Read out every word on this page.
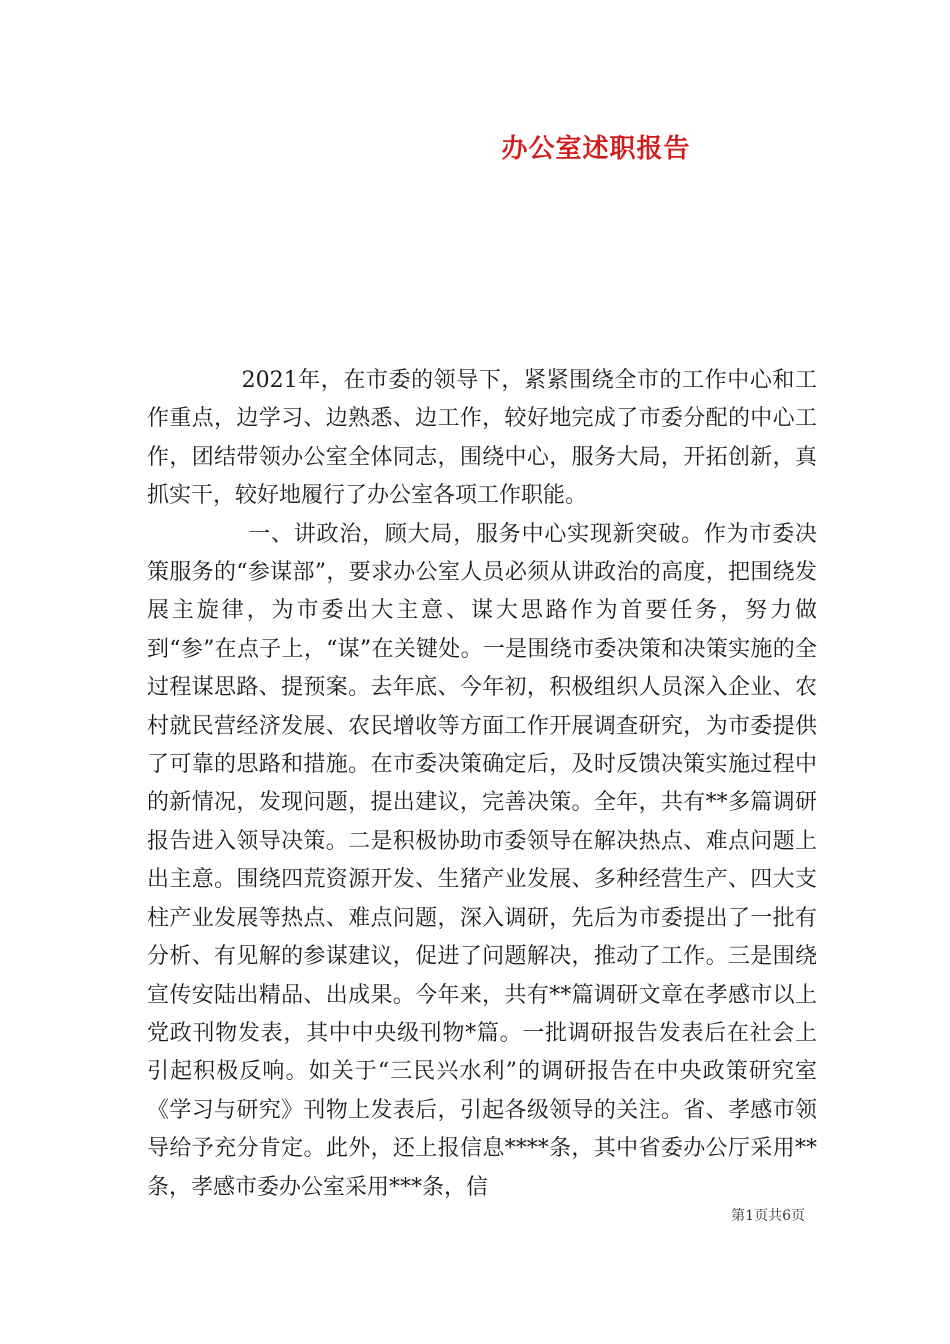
办公室述职报告

2021年，在市委的领导下，紧紧围绕全市的工作中心和工作重点，边学习、边熟悉、边工作，较好地完成了市委分配的中心工作，团结带领办公室全体同志，围绕中心，服务大局，开拓创新，真抓实干，较好地履行了办公室各项工作职能。

一、讲政治，顾大局，服务中心实现新突破。作为市委决策服务的“参谋部”，要求办公室人员必须从讲政治的高度，把围绕发展主旋律，为市委出大主意、谋大思路作为首要任务，努力做到“参”在点子上，“谋”在关键处。一是围绕市委决策和决策实施的全过程谋思路、提预案。去年底、今年初，积极组织人员深入企业、农村就民营经济发展、农民增收等方面工作开展调查研究，为市委提供了可靠的思路和措施。在市委决策确定后，及时反馈决策实施过程中的新情况，发现问题，提出建议，完善决策。全年，共有**多篇调研报告进入领导决策。二是积极协助市委领导在解决热点、难点问题上出主意。围绕四荒资源开发、生猪产业发展、多种经营生产、四大支柱产业发展等热点、难点问题，深入调研，先后为市委提出了一批有分析、有见解的参谋建议，促进了问题解决，推动了工作。三是围绕宣传安陆出精品、出成果。今年来，共有**篇调研文章在孝感市以上党政刊物发表，其中中央级刊物*篇。一批调研报告发表后在社会上引起积极反响。如关于“三民兴水利”的调研报告在中央政策研究室《学习与研究》刊物上发表后，引起各级领导的关注。省、孝感市领导给予充分肯定。此外，还上报信息****条，其中省委办公厅采用**条，孝感市委办公室采用***条，信

第1页共6页
